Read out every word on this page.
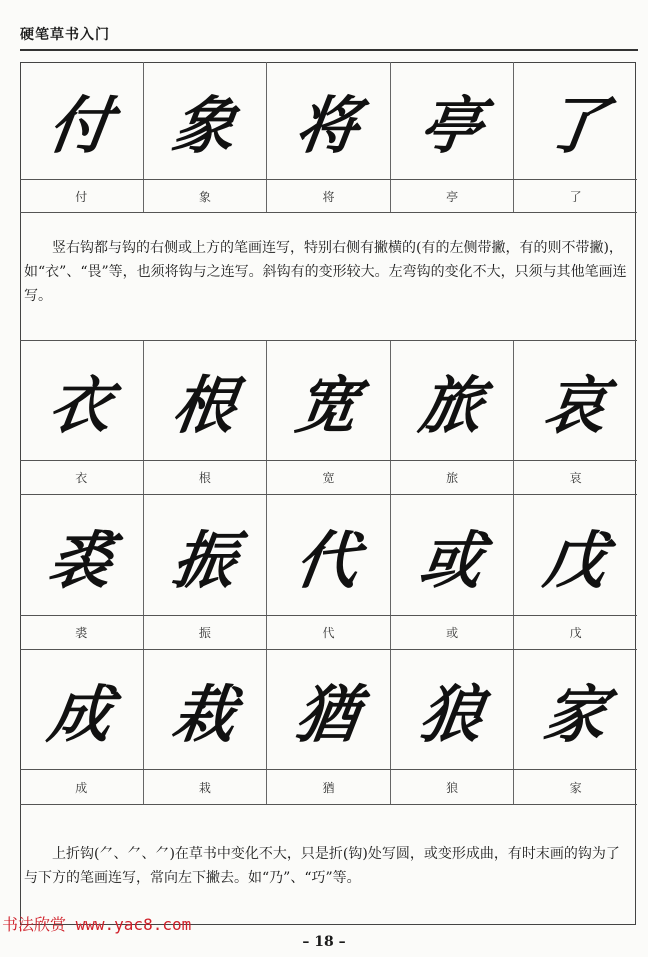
硬笔草书入门
付 象 将 亭 了
付	象	将	亭	了
竖右钩都与钩的右侧或上方的笔画连写，特别右侧有撇横的(有的左侧带撇，有的则不带撇)，如“衣”、“畏”等，也须将钩与之连写。斜钩有的变形较大。左弯钩的变化不大，只须与其他笔画连写。
衣 根 宽 旅 哀
衣	根	宽	旅	哀
裘 振 代 或 戊
裘	振	代	或	戊
成 栽 猶 狼 家
成	栽	猶	狼	家
上折钩(⺈、⺈、⺈)在草书中变化不大，只是折(钩)处写圆，或变形成曲，有时末画的钩为了与下方的笔画连写，常向左下撇去。如“乃”、“巧”等。
书法欣赏 www.yac8.com
– 18 –
